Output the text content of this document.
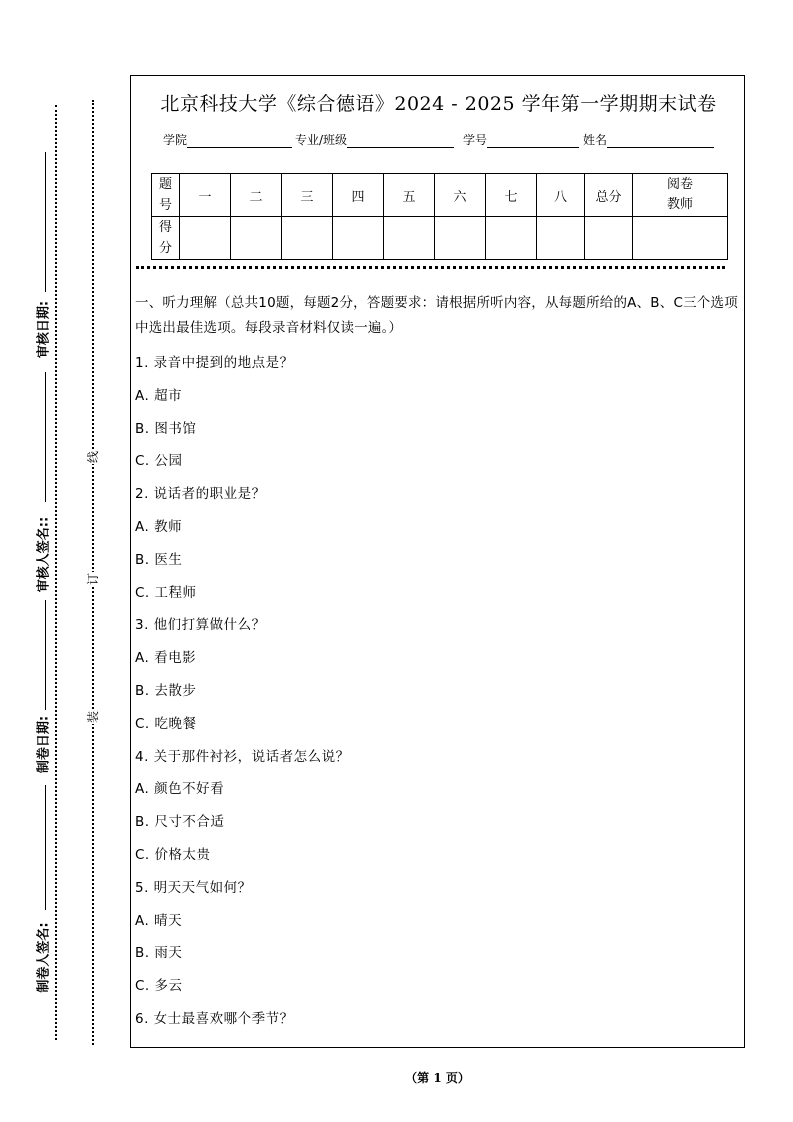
审核日期:
审核人签名::
制卷日期:
制卷人签名:
线
订
装
北京科技大学《综合德语》2024 - 2025 学年第一学期期末试卷
学院	专业/班级	学号	姓名
题号	一	二	三	四	五	六	七	八	总分	阅卷教师
得分										
一、听力理解（总共10题，每题2分，答题要求：请根据所听内容，从每题所给的A、B、C三个选项中选出最佳选项。每段录音材料仅读一遍。）
1. 录音中提到的地点是？
A. 超市
B. 图书馆
C. 公园
2. 说话者的职业是？
A. 教师
B. 医生
C. 工程师
3. 他们打算做什么？
A. 看电影
B. 去散步
C. 吃晚餐
4. 关于那件衬衫，说话者怎么说？
A. 颜色不好看
B. 尺寸不合适
C. 价格太贵
5. 明天天气如何？
A. 晴天
B. 雨天
C. 多云
6. 女士最喜欢哪个季节？
（第 1 页）
